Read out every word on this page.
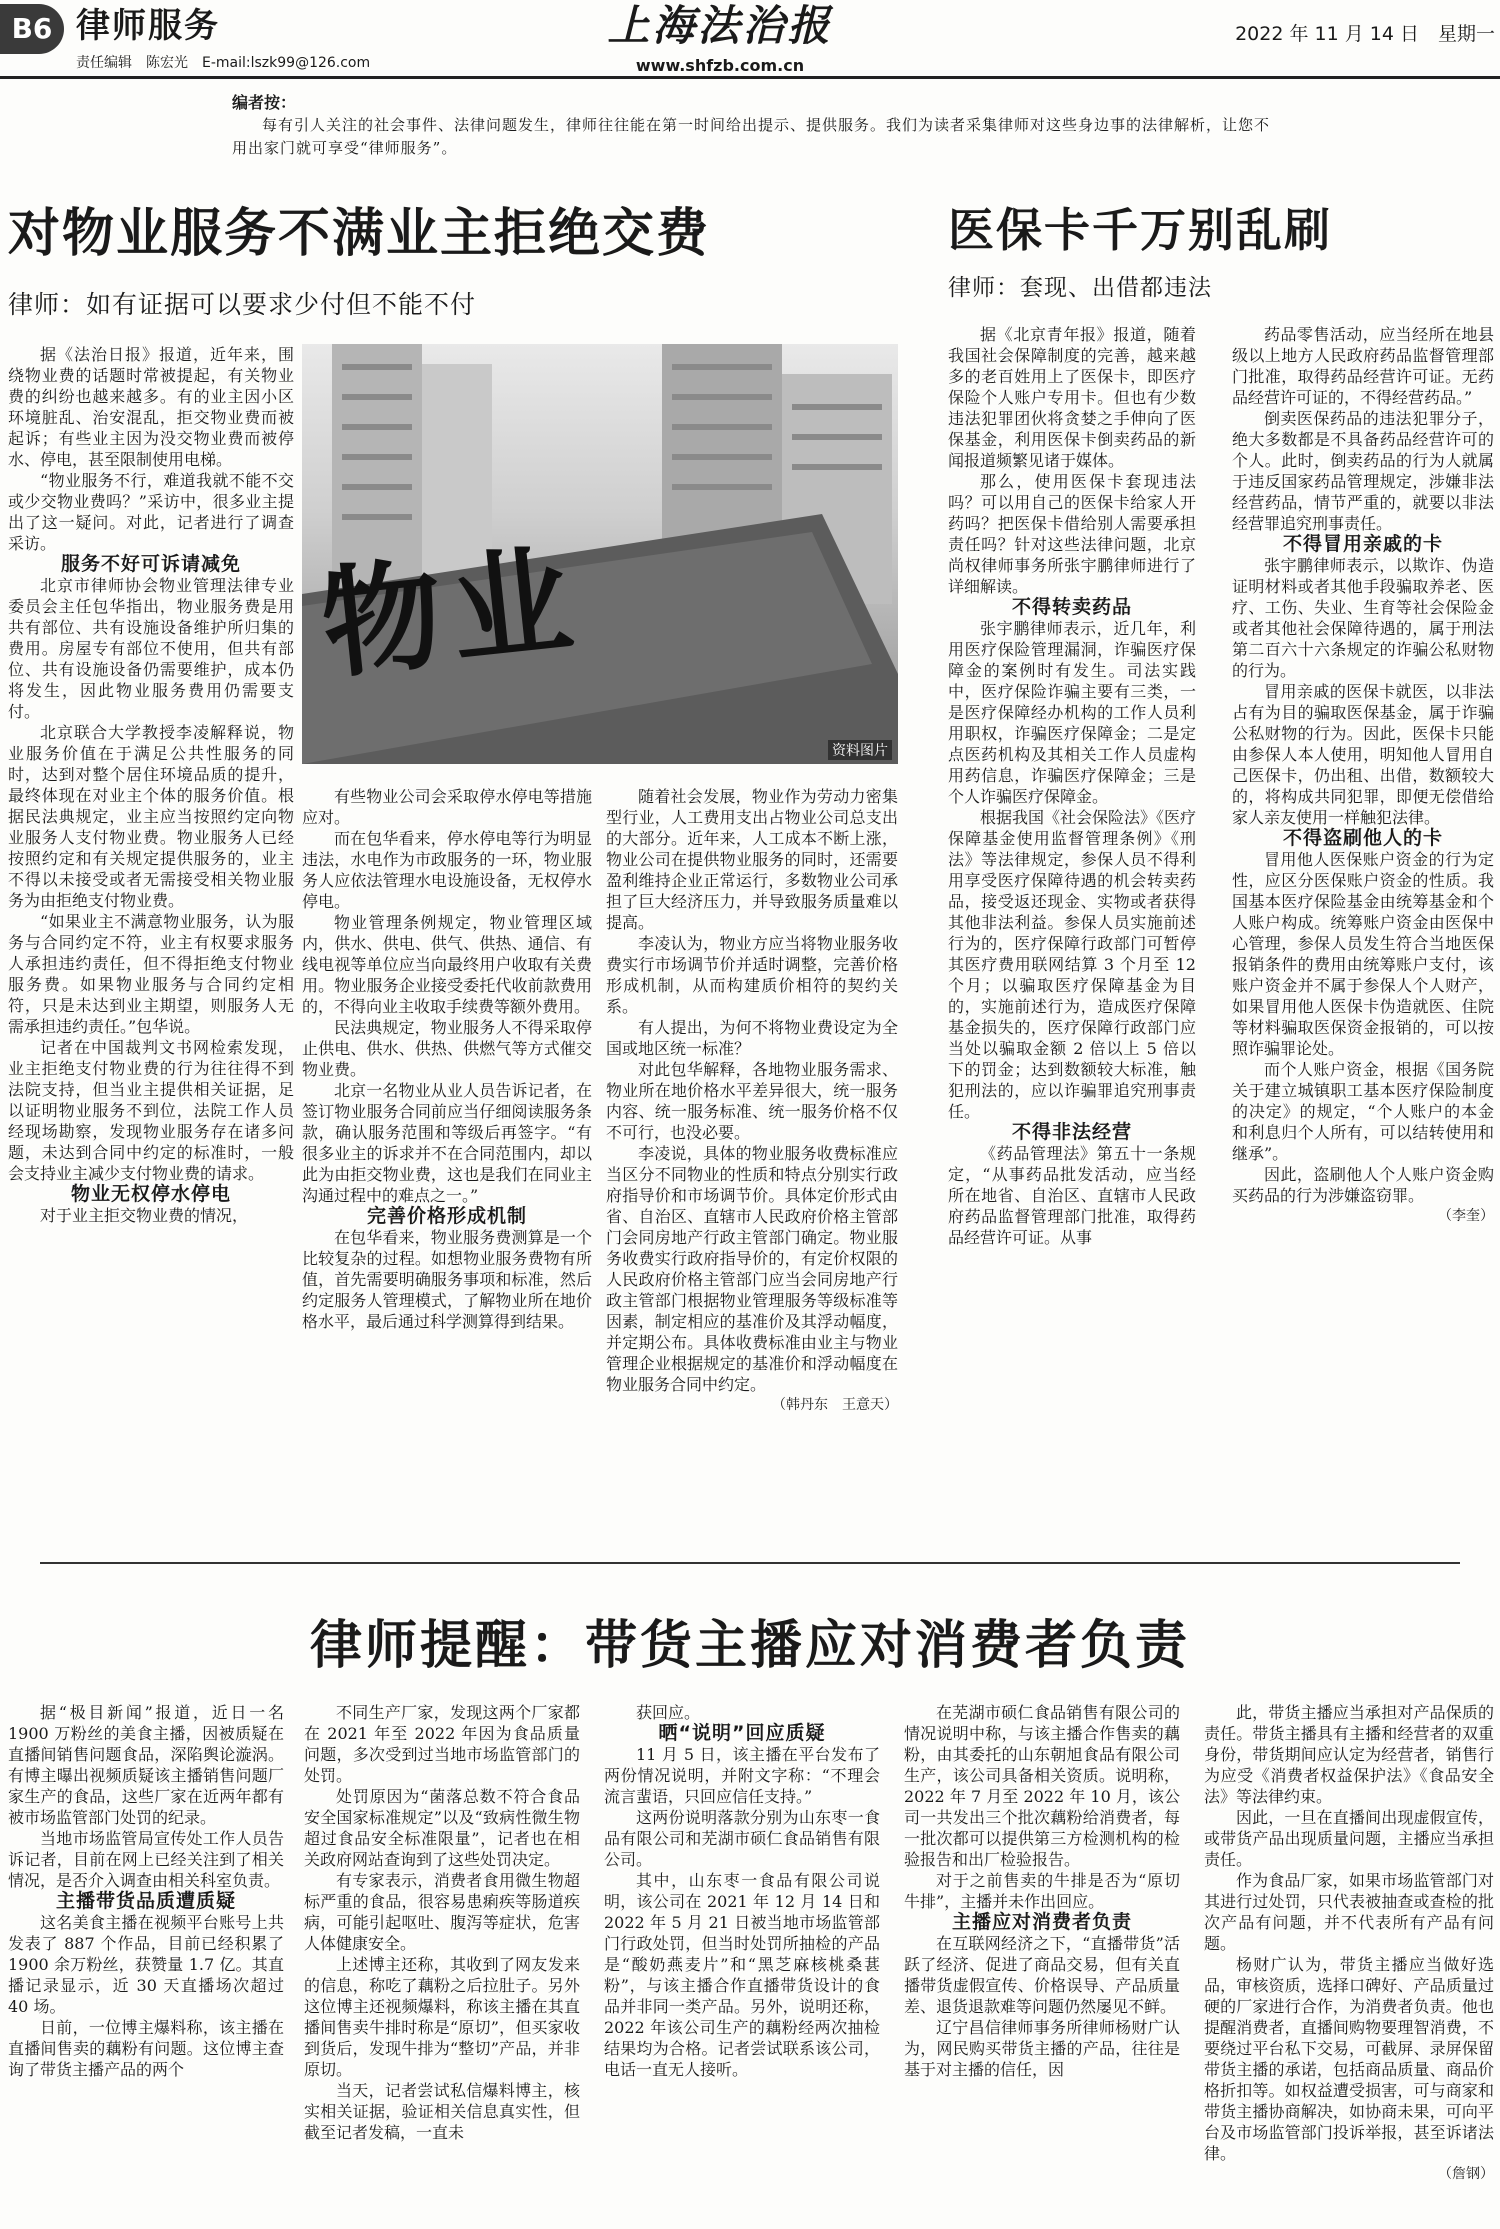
B6 律师服务
责任编辑　陈宏光　E-mail:lszk99@126.com
上海法治报
www.shfzb.com.cn
2022 年 11 月 14 日　星期一
编者按：
每有引人关注的社会事件、法律问题发生，律师往往能在第一时间给出提示、提供服务。我们为读者采集律师对这些身边事的法律解析，让您不用出家门就可享受“律师服务”。
对物业服务不满业主拒绝交费
律师：如有证据可以要求少付但不能不付
物业
资料图片

据《法治日报》报道，近年来，围绕物业费的话题时常被提起，有关物业费的纠纷也越来越多。有的业主因小区环境脏乱、治安混乱，拒交物业费而被起诉；有些业主因为没交物业费而被停水、停电，甚至限制使用电梯。

“物业服务不行，难道我就不能不交或少交物业费吗？”采访中，很多业主提出了这一疑问。对此，记者进行了调查采访。

服务不好可诉请减免

北京市律师协会物业管理法律专业委员会主任包华指出，物业服务费是用共有部位、共有设施设备维护所归集的费用。房屋专有部位不使用，但共有部位、共有设施设备仍需要维护，成本仍将发生，因此物业服务费用仍需要支付。

北京联合大学教授李凌解释说，物业服务价值在于满足公共性服务的同时，达到对整个居住环境品质的提升，最终体现在对业主个体的服务价值。根据民法典规定，业主应当按照约定向物业服务人支付物业费。物业服务人已经按照约定和有关规定提供服务的，业主不得以未接受或者无需接受相关物业服务为由拒绝支付物业费。

“如果业主不满意物业服务，认为服务与合同约定不符，业主有权要求服务人承担违约责任，但不得拒绝支付物业服务费。如果物业服务与合同约定相符，只是未达到业主期望，则服务人无需承担违约责任。”包华说。

记者在中国裁判文书网检索发现，业主拒绝支付物业费的行为往往得不到法院支持，但当业主提供相关证据，足以证明物业服务不到位，法院工作人员经现场勘察，发现物业服务存在诸多问题，未达到合同中约定的标准时，一般会支持业主减少支付物业费的请求。

物业无权停水停电

对于业主拒交物业费的情况，

有些物业公司会采取停水停电等措施应对。

而在包华看来，停水停电等行为明显违法，水电作为市政服务的一环，物业服务人应依法管理水电设施设备，无权停水停电。

物业管理条例规定，物业管理区域内，供水、供电、供气、供热、通信、有线电视等单位应当向最终用户收取有关费用。物业服务企业接受委托代收前款费用的，不得向业主收取手续费等额外费用。

民法典规定，物业服务人不得采取停止供电、供水、供热、供燃气等方式催交物业费。

北京一名物业从业人员告诉记者，在签订物业服务合同前应当仔细阅读服务条款，确认服务范围和等级后再签字。“有很多业主的诉求并不在合同范围内，却以此为由拒交物业费，这也是我们在同业主沟通过程中的难点之一。”

完善价格形成机制

在包华看来，物业服务费测算是一个比较复杂的过程。如想物业服务费物有所值，首先需要明确服务事项和标准，然后约定服务人管理模式，了解物业所在地价格水平，最后通过科学测算得到结果。

随着社会发展，物业作为劳动力密集型行业，人工费用支出占物业公司总支出的大部分。近年来，人工成本不断上涨，物业公司在提供物业服务的同时，还需要盈利维持企业正常运行，多数物业公司承担了巨大经济压力，并导致服务质量难以提高。

李凌认为，物业方应当将物业服务收费实行市场调节价并适时调整，完善价格形成机制，从而构建质价相符的契约关系。

有人提出，为何不将物业费设定为全国或地区统一标准？

对此包华解释，各地物业服务需求、物业所在地价格水平差异很大，统一服务内容、统一服务标准、统一服务价格不仅不可行，也没必要。

李凌说，具体的物业服务收费标准应当区分不同物业的性质和特点分别实行政府指导价和市场调节价。具体定价形式由省、自治区、直辖市人民政府价格主管部门会同房地产行政主管部门确定。物业服务收费实行政府指导价的，有定价权限的人民政府价格主管部门应当会同房地产行政主管部门根据物业管理服务等级标准等因素，制定相应的基准价及其浮动幅度，并定期公布。具体收费标准由业主与物业管理企业根据规定的基准价和浮动幅度在物业服务合同中约定。

（韩丹东　王意天）

医保卡千万别乱刷
律师：套现、出借都违法

据《北京青年报》报道，随着我国社会保障制度的完善，越来越多的老百姓用上了医保卡，即医疗保险个人账户专用卡。但也有少数违法犯罪团伙将贪婪之手伸向了医保基金，利用医保卡倒卖药品的新闻报道频繁见诸于媒体。

那么，使用医保卡套现违法吗？可以用自己的医保卡给家人开药吗？把医保卡借给别人需要承担责任吗？针对这些法律问题，北京尚权律师事务所张宇鹏律师进行了详细解读。

不得转卖药品

张宇鹏律师表示，近几年，利用医疗保险管理漏洞，诈骗医疗保障金的案例时有发生。司法实践中，医疗保险诈骗主要有三类，一是医疗保障经办机构的工作人员利用职权，诈骗医疗保障金；二是定点医药机构及其相关工作人员虚构用药信息，诈骗医疗保障金；三是个人诈骗医疗保障金。

根据我国《社会保险法》《医疗保障基金使用监督管理条例》《刑法》等法律规定，参保人员不得利用享受医疗保障待遇的机会转卖药品，接受返还现金、实物或者获得其他非法利益。参保人员实施前述行为的，医疗保障行政部门可暂停其医疗费用联网结算 3 个月至 12 个月；以骗取医疗保障基金为目的，实施前述行为，造成医疗保障基金损失的，医疗保障行政部门应当处以骗取金额 2 倍以上 5 倍以下的罚金；达到数额较大标准，触犯刑法的，应以诈骗罪追究刑事责任。

不得非法经营

《药品管理法》第五十一条规定，“从事药品批发活动，应当经所在地省、自治区、直辖市人民政府药品监督管理部门批准，取得药品经营许可证。从事

药品零售活动，应当经所在地县级以上地方人民政府药品监督管理部门批准，取得药品经营许可证。无药品经营许可证的，不得经营药品。”

倒卖医保药品的违法犯罪分子，绝大多数都是不具备药品经营许可的个人。此时，倒卖药品的行为人就属于违反国家药品管理规定，涉嫌非法经营药品，情节严重的，就要以非法经营罪追究刑事责任。

不得冒用亲戚的卡

张宇鹏律师表示，以欺诈、伪造证明材料或者其他手段骗取养老、医疗、工伤、失业、生育等社会保险金或者其他社会保障待遇的，属于刑法第二百六十六条规定的诈骗公私财物的行为。

冒用亲戚的医保卡就医，以非法占有为目的骗取医保基金，属于诈骗公私财物的行为。因此，医保卡只能由参保人本人使用，明知他人冒用自己医保卡，仍出租、出借，数额较大的，将构成共同犯罪，即便无偿借给家人亲友使用一样触犯法律。

不得盗刷他人的卡

冒用他人医保账户资金的行为定性，应区分医保账户资金的性质。我国基本医疗保险基金由统筹基金和个人账户构成。统筹账户资金由医保中心管理，参保人员发生符合当地医保报销条件的费用由统筹账户支付，该账户资金并不属于参保人个人财产，如果冒用他人医保卡伪造就医、住院等材料骗取医保资金报销的，可以按照诈骗罪论处。

而个人账户资金，根据《国务院关于建立城镇职工基本医疗保险制度的决定》的规定，“个人账户的本金和利息归个人所有，可以结转使用和继承”。

因此，盗刷他人个人账户资金购买药品的行为涉嫌盗窃罪。

（李奎）

律师提醒：带货主播应对消费者负责

据“极目新闻”报道，近日一名1900 万粉丝的美食主播，因被质疑在直播间销售问题食品，深陷舆论漩涡。有博主曝出视频质疑该主播销售问题厂家生产的食品，这些厂家在近两年都有被市场监管部门处罚的纪录。

当地市场监管局宣传处工作人员告诉记者，目前在网上已经关注到了相关情况，是否介入调查由相关科室负责。

主播带货品质遭质疑

这名美食主播在视频平台账号上共发表了 887 个作品，目前已经积累了 1900 余万粉丝，获赞量 1.7 亿。其直播记录显示，近 30 天直播场次超过 40 场。

日前，一位博主爆料称，该主播在直播间售卖的藕粉有问题。这位博主查询了带货主播产品的两个

不同生产厂家，发现这两个厂家都在 2021 年至 2022 年因为食品质量问题，多次受到过当地市场监管部门的处罚。

处罚原因为“菌落总数不符合食品安全国家标准规定”以及“致病性微生物超过食品安全标准限量”，记者也在相关政府网站查询到了这些处罚决定。

有专家表示，消费者食用微生物超标严重的食品，很容易患痢疾等肠道疾病，可能引起呕吐、腹泻等症状，危害人体健康安全。

上述博主还称，其收到了网友发来的信息，称吃了藕粉之后拉肚子。另外这位博主还视频爆料，称该主播在其直播间售卖牛排时称是“原切”，但买家收到货后，发现牛排为“整切”产品，并非原切。

当天，记者尝试私信爆料博主，核实相关证据，验证相关信息真实性，但截至记者发稿，一直未

获回应。

晒“说明”回应质疑

11 月 5 日，该主播在平台发布了两份情况说明，并附文字称：“不理会流言蜚语，只回应信任支持。”

这两份说明落款分别为山东枣一食品有限公司和芜湖市硕仁食品销售有限公司。

其中，山东枣一食品有限公司说明，该公司在 2021 年 12 月 14 日和 2022 年 5 月 21 日被当地市场监管部门行政处罚，但当时处罚所抽检的产品是“酸奶燕麦片”和“黑芝麻核桃桑葚粉”，与该主播合作直播带货设计的食品并非同一类产品。另外，说明还称，2022 年该公司生产的藕粉经两次抽检结果均为合格。记者尝试联系该公司，电话一直无人接听。

在芜湖市硕仁食品销售有限公司的情况说明中称，与该主播合作售卖的藕粉，由其委托的山东朝旭食品有限公司生产，该公司具备相关资质。说明称，2022 年 7 月至 2022 年 10 月，该公司一共发出三个批次藕粉给消费者，每一批次都可以提供第三方检测机构的检验报告和出厂检验报告。

对于之前售卖的牛排是否为“原切牛排”，主播并未作出回应。

主播应对消费者负责

在互联网经济之下，“直播带货”活跃了经济、促进了商品交易，但有关直播带货虚假宣传、价格误导、产品质量差、退货退款难等问题仍然屡见不鲜。

辽宁昌信律师事务所律师杨财广认为，网民购买带货主播的产品，往往是基于对主播的信任，因

此，带货主播应当承担对产品保质的责任。带货主播具有主播和经营者的双重身份，带货期间应认定为经营者，销售行为应受《消费者权益保护法》《食品安全法》等法律约束。

因此，一旦在直播间出现虚假宣传，或带货产品出现质量问题，主播应当承担责任。

作为食品厂家，如果市场监管部门对其进行过处罚，只代表被抽查或查检的批次产品有问题，并不代表所有产品有问题。

杨财广认为，带货主播应当做好选品，审核资质，选择口碑好、产品质量过硬的厂家进行合作，为消费者负责。他也提醒消费者，直播间购物要理智消费，不要绕过平台私下交易，可截屏、录屏保留带货主播的承诺，包括商品质量、商品价格折扣等。如权益遭受损害，可与商家和带货主播协商解决，如协商未果，可向平台及市场监管部门投诉举报，甚至诉诸法律。

（詹钢）
